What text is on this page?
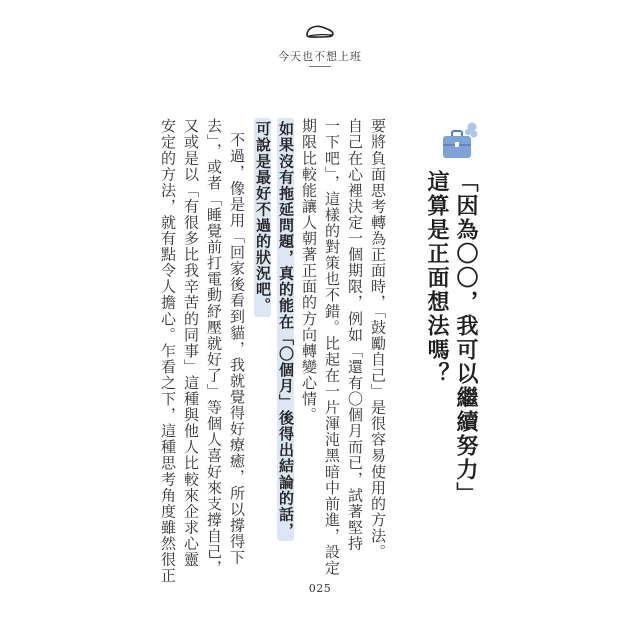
今天也不想上班
「因為〇〇，我可以繼續努力」
這算是正面想法嗎？
要將負面思考轉為正面時，「鼓勵自己」是很容易使用的方法。
自己在心裡決定一個期限，例如「還有〇個月而已，試著堅持
一下吧」，這樣的對策也不錯。比起在一片渾沌黑暗中前進，設定
期限比較能讓人朝著正面的方向轉變心情。
如果沒有拖延問題，真的能在「〇個月」後得出結論的話，
可說是最好不過的狀況吧。
不過，像是用「回家後看到貓，我就覺得好療癒，所以撐得下
去」，或者「睡覺前打電動紓壓就好了」等個人喜好來支撐自己，
又或是以「有很多比我辛苦的同事」這種與他人比較來企求心靈
安定的方法，就有點令人擔心。乍看之下，這種思考角度雖然很正
025
